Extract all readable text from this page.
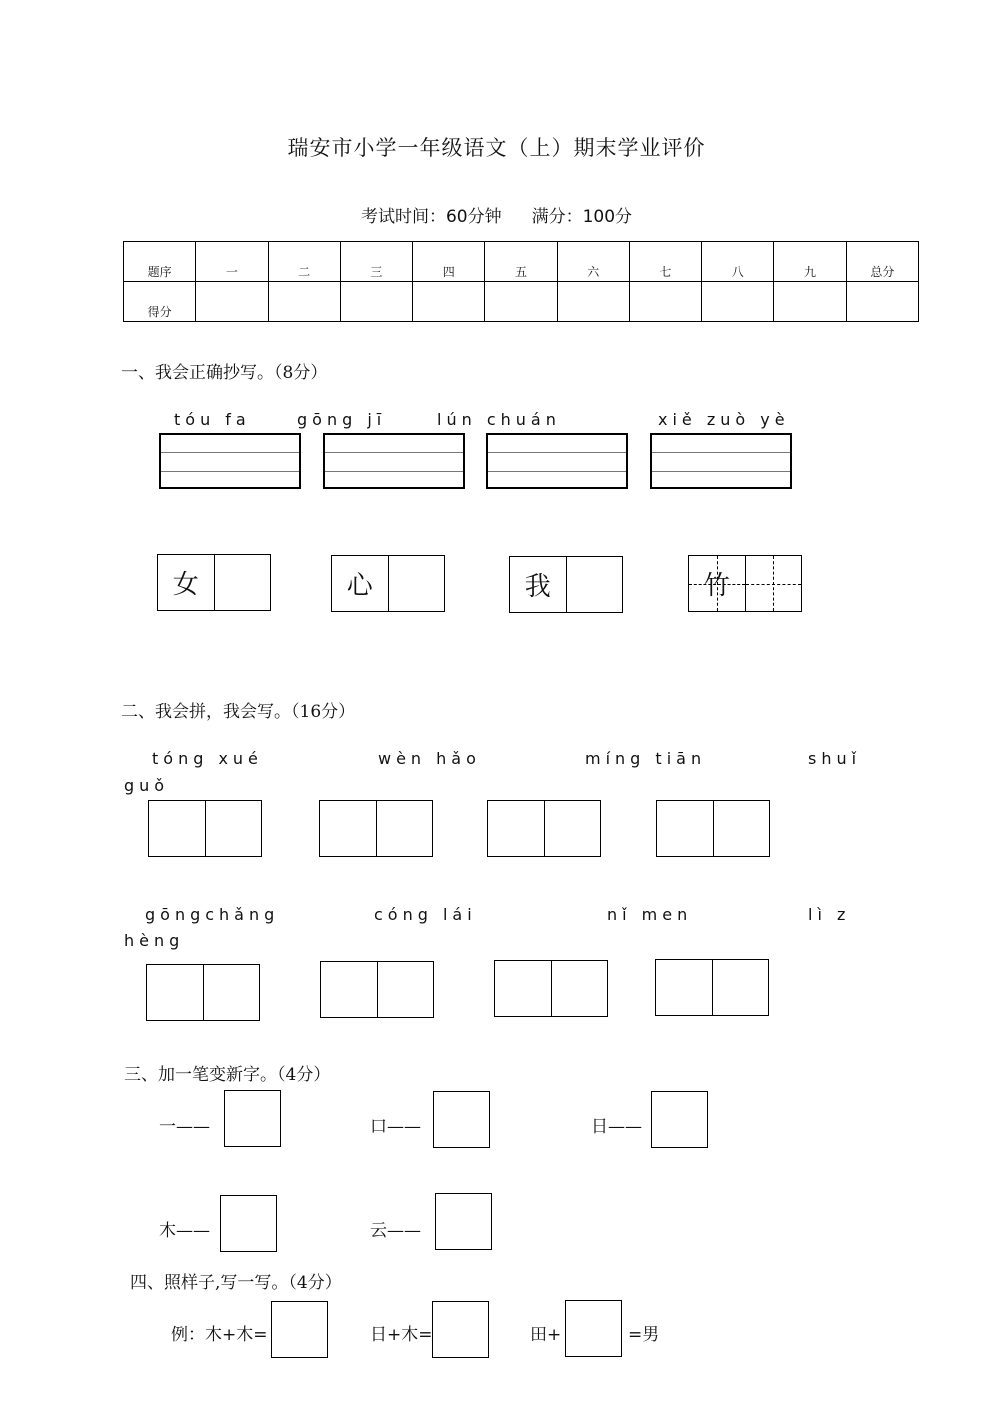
瑞安市小学一年级语文（上）期末学业评价
考试时间：60分钟 满分：100分
题序	一	二	三	四	五	六	七	八	九	总分
得分										
一、我会正确抄写。（8分）
tóu fa	gōng jī	lún chuán	xiě zuò yè
女	心	我	竹
二、我会拼，我会写。（16分）
tóng xué	wèn hǎo	míng tiān	shuǐ
guǒ
gōngchǎng	cóng lái	nǐ men	lì z
hèng
三、加一笔变新字。（4分）
一——	口——	日——
木——	云——
四、照样子,写一写。（4分）
例：木+木=	日+木=	田+	=男
